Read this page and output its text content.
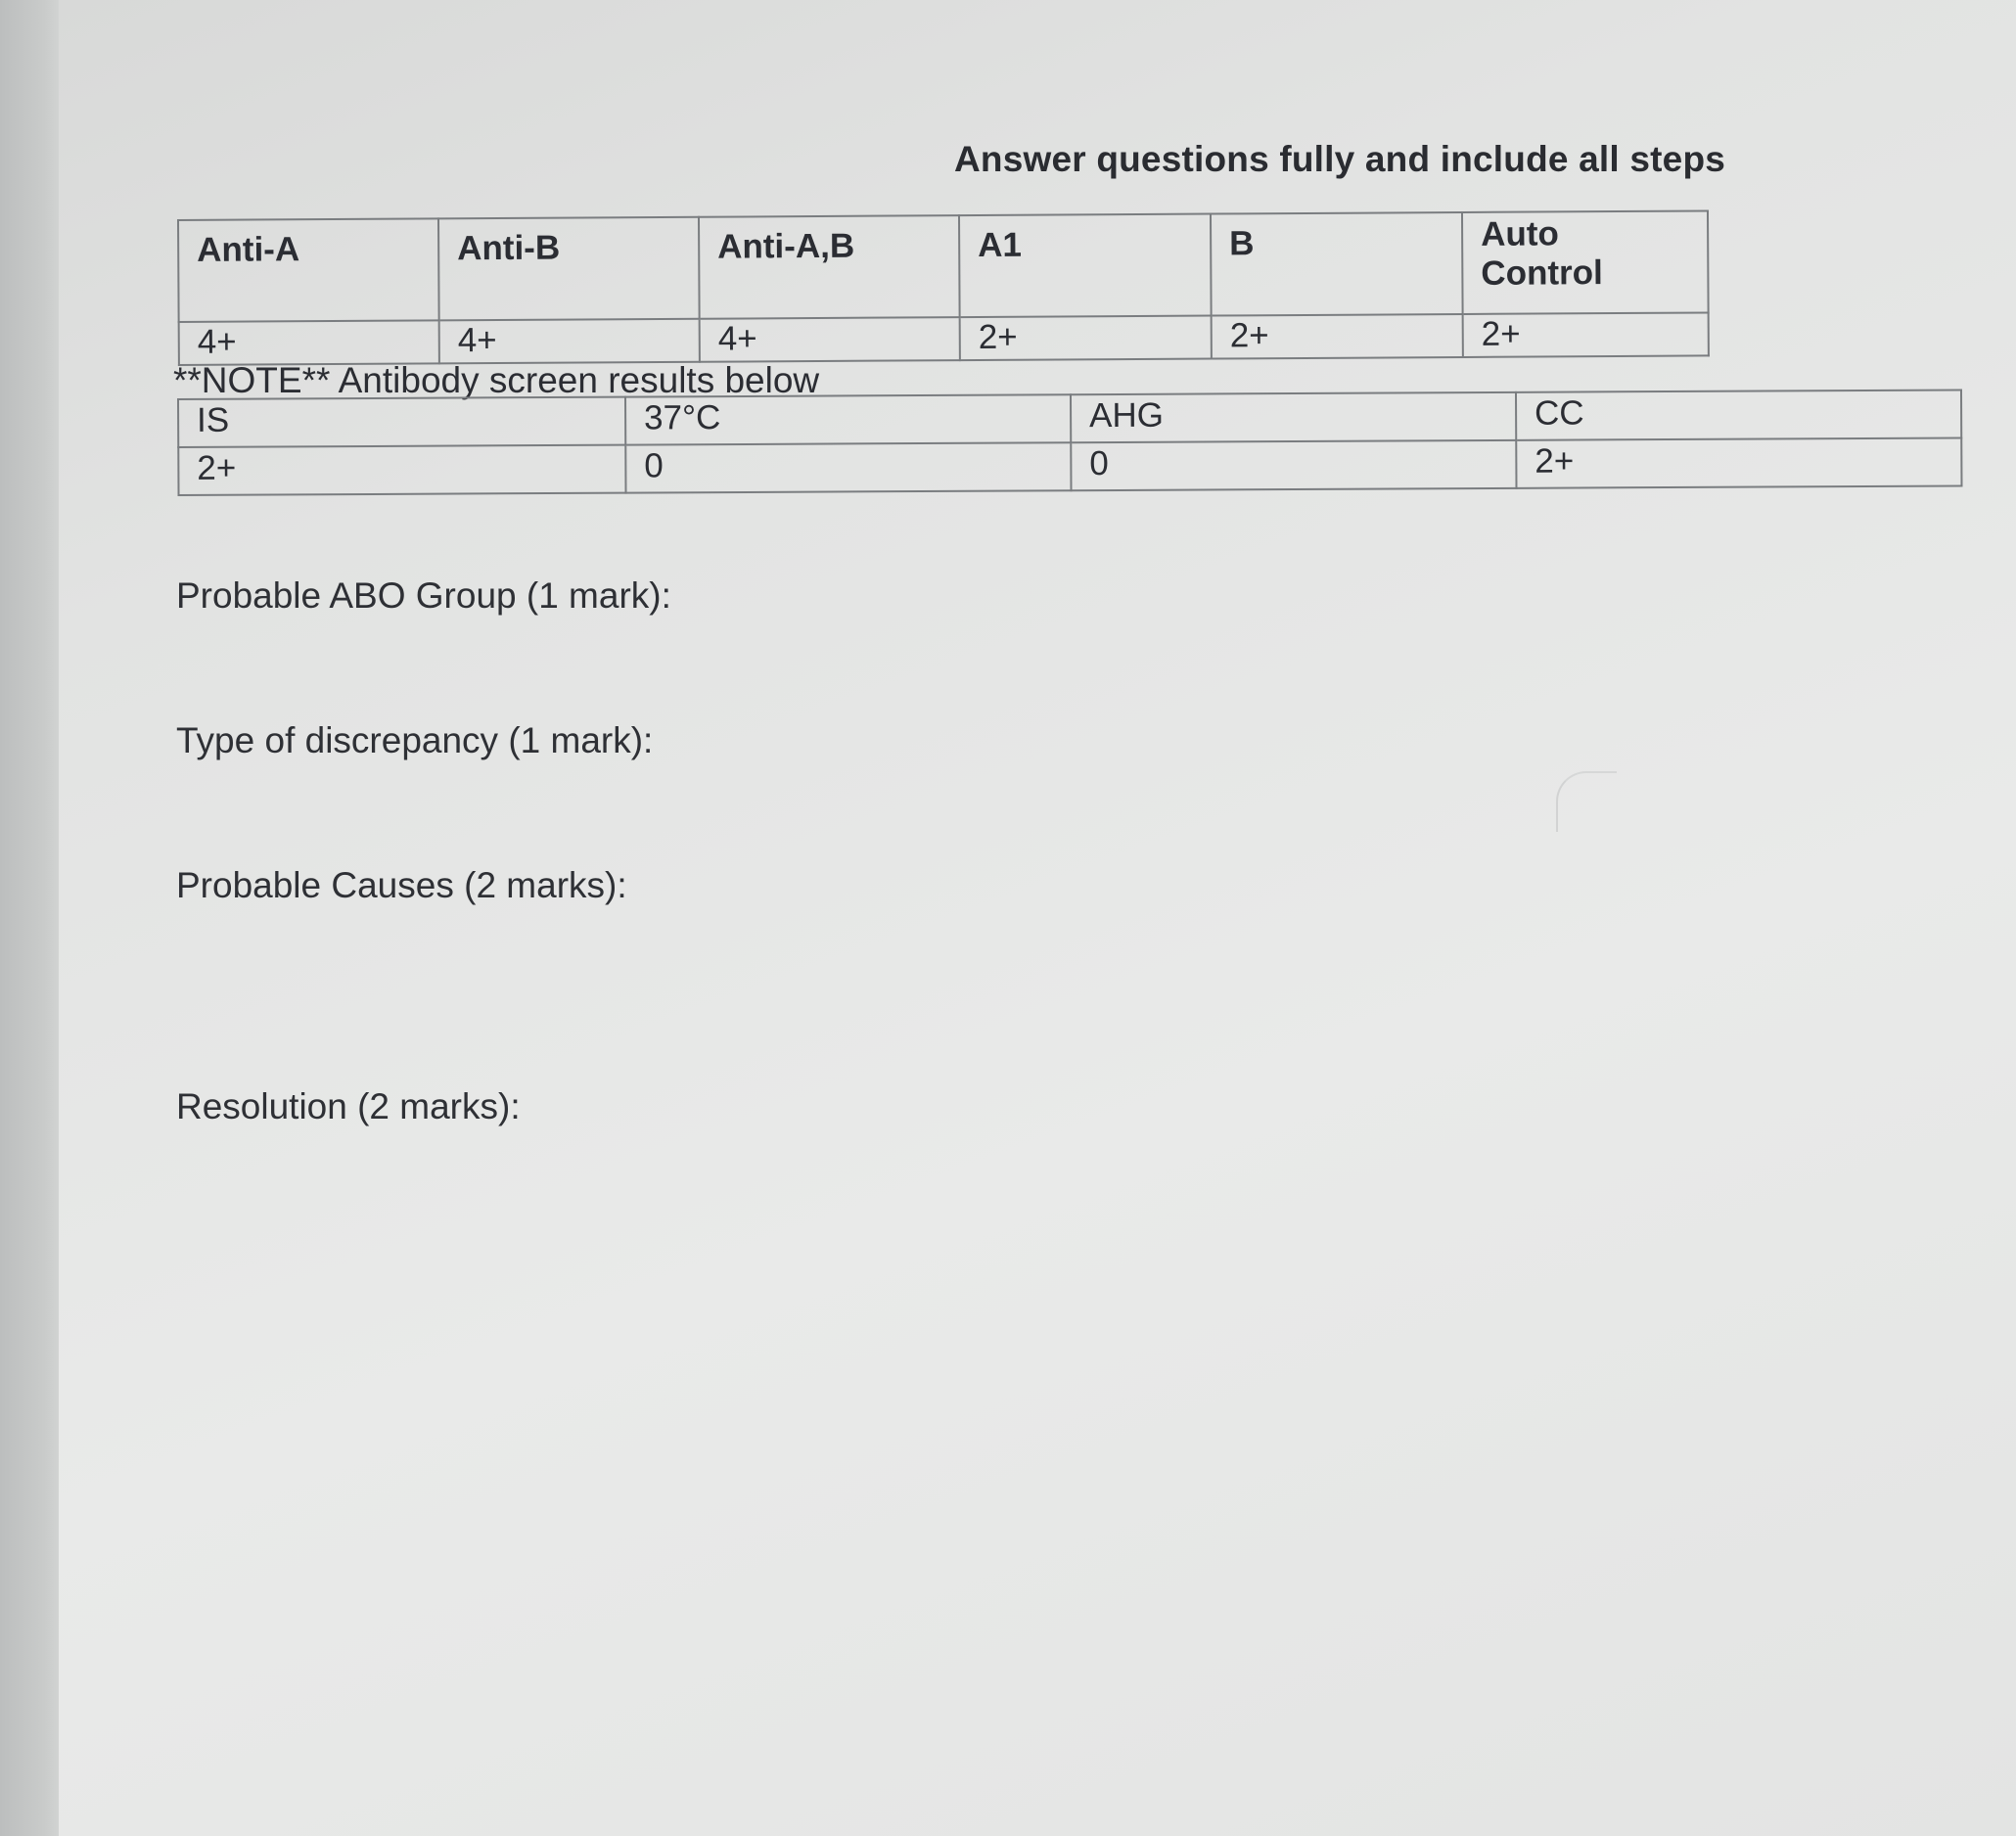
Answer questions fully and include all steps
Anti-A	Anti-B	Anti-A,B	A1	B	Auto
Control
4+	4+	4+	2+	2+	2+
**NOTE** Antibody screen results below
IS	37°C	AHG	CC
2+	0	0	2+
Probable ABO Group (1 mark):
Type of discrepancy (1 mark):
Probable Causes (2 marks):
Resolution (2 marks):
